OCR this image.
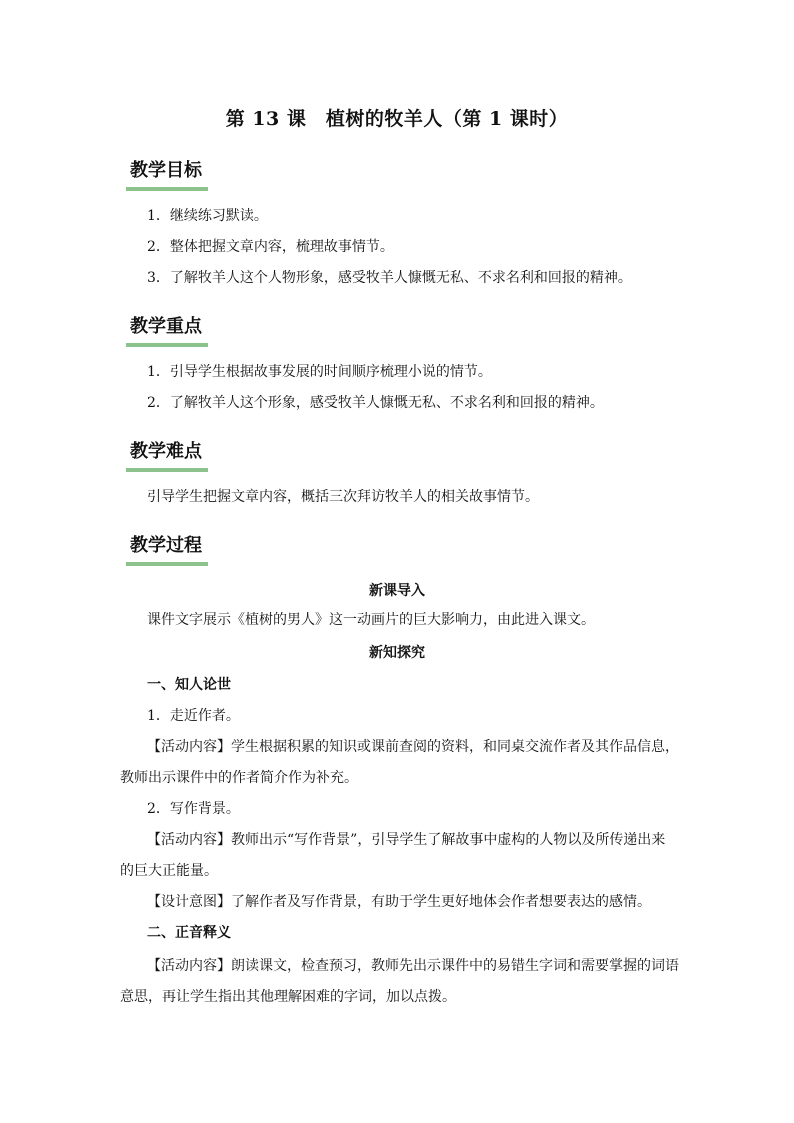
第 13 课　植树的牧羊人（第 1 课时）
教学目标
1．继续练习默读。
2．整体把握文章内容，梳理故事情节。
3．了解牧羊人这个人物形象，感受牧羊人慷慨无私、不求名利和回报的精神。
教学重点
1．引导学生根据故事发展的时间顺序梳理小说的情节。
2．了解牧羊人这个形象，感受牧羊人慷慨无私、不求名利和回报的精神。
教学难点
引导学生把握文章内容，概括三次拜访牧羊人的相关故事情节。
教学过程
新课导入
课件文字展示《植树的男人》这一动画片的巨大影响力，由此进入课文。
新知探究
一、知人论世
1．走近作者。
【活动内容】学生根据积累的知识或课前查阅的资料，和同桌交流作者及其作品信息，
教师出示课件中的作者简介作为补充。
2．写作背景。
【活动内容】教师出示“写作背景”，引导学生了解故事中虚构的人物以及所传递出来
的巨大正能量。
【设计意图】了解作者及写作背景，有助于学生更好地体会作者想要表达的感情。
二、正音释义
【活动内容】朗读课文，检查预习，教师先出示课件中的易错生字词和需要掌握的词语
意思，再让学生指出其他理解困难的字词，加以点拨。
